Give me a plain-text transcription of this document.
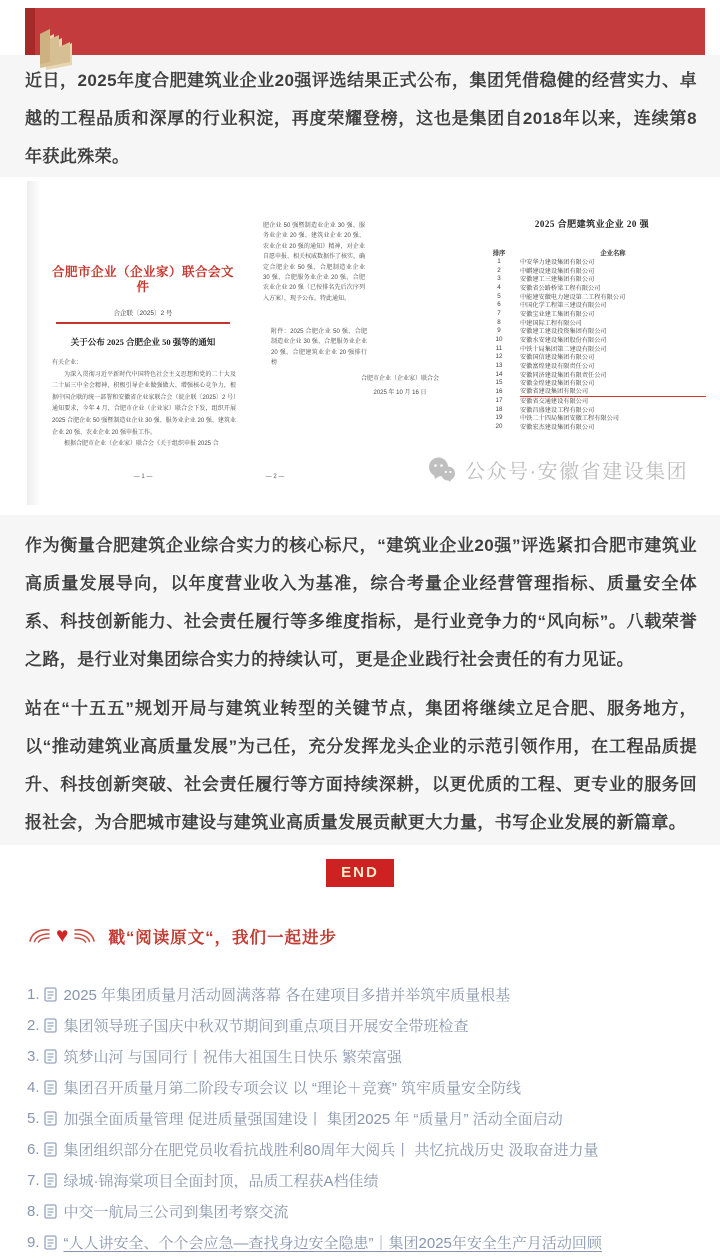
近日，2025年度合肥建筑业企业20强评选结果正式公布，集团凭借稳健的经营实力、卓越的工程品质和深厚的行业积淀，再度荣耀登榜，这也是集团自2018年以来，连续第8年获此殊荣。

合肥市企业（企业家）联合会文件
合企联〔2025〕2 号
关于公布 2025 合肥企业 50 强等的通知
有关企业：
为深入贯彻习近平新时代中国特色社会主义思想和党的二十大及二十届三中全会精神，积极引导企业做强做大、增强核心竞争力，根据中国企联的统一部署和安徽省企业家联合会（皖企联〔2025〕2 号）通知要求，今年 4 月，合肥市企业（企业家）联合会下发，组织开展 2025 合肥企业 50 强暨制造业企业 30 强、服务业企业 20 强、建筑业企业 20 强、农业企业 20 强申报工作。
根据合肥市企业（企业家）联合会《关于组织申报 2025 合
— 1 —
肥企业 50 强暨制造业企业 30 强、服务业企业 20 强、建筑业企业 20 强、农业企业 20 强的通知》精神，对企业自愿申报、相关权威数据作了核实，确定合肥企业 50 强、合肥制造业企业 30 强、合肥服务业企业 20 强、合肥农业企业 20 强（已按排名先后次序列入方案），现予公布。特此通知。
附件：2025 合肥企业 50 强、合肥制造业企业 30 强、合肥服务业企业 20 强、合肥建筑业企业 20 强排行榜
合肥市企业（企业家）联合会
2025 年 10 月 16 日
— 2 —
2025 合肥建筑业企业 20 强
排序	企业名称
1	中安华力建设集团有限公司
2	中麒建设建设集团有限公司
3	安徽建工三建集团有限公司
4	安徽省公路桥梁工程有限公司
5	中能建安徽电力建设第二工程有限公司
6	中国化学工程第三建设有限公司
7	安徽宝业建工集团有限公司
8	中建国际工程有限公司
9	安徽建工建设投资集团有限公司
10	安徽水安建设集团股份有限公司
11	中铁十局集团第二建设有限公司
12	安徽国信建设集团有限公司
13	安徽富煌建设有限责任公司
14	安徽同济建设集团有限责任公司
15	安徽金煌建设集团有限公司
16	安徽省建设集团有限公司
17	安徽省交通建设有限公司
18	安徽昌盛建设工程有限公司
19	中铁二十四局集团安徽工程有限公司
20	安徽宏杰建设集团有限公司
公众号·安徽省建设集团

作为衡量合肥建筑企业综合实力的核心标尺，“建筑业企业20强”评选紧扣合肥市建筑业高质量发展导向，以年度营业收入为基准，综合考量企业经营管理指标、质量安全体系、科技创新能力、社会责任履行等多维度指标，是行业竞争力的“风向标”。八载荣誉之路，是行业对集团综合实力的持续认可，更是企业践行社会责任的有力见证。

站在“十五五”规划开局与建筑业转型的关键节点，集团将继续立足合肥、服务地方，以“推动建筑业高质量发展”为己任，充分发挥龙头企业的示范引领作用，在工程品质提升、科技创新突破、社会责任履行等方面持续深耕，以更优质的工程、更专业的服务回报社会，为合肥城市建设与建筑业高质量发展贡献更大力量，书写企业发展的新篇章。

END
♥ 戳“阅读原文“，我们一起进步
1. 2025 年集团质量月活动圆满落幕 各在建项目多措并举筑牢质量根基
2. 集团领导班子国庆中秋双节期间到重点项目开展安全带班检查
3. 筑梦山河 与国同行丨祝伟大祖国生日快乐 繁荣富强
4. 集团召开质量月第二阶段专项会议 以 “理论＋竞赛” 筑牢质量安全防线
5. 加强全面质量管理 促进质量强国建设丨 集团2025 年 “质量月” 活动全面启动
6. 集团组织部分在肥党员收看抗战胜利80周年大阅兵丨 共忆抗战历史 汲取奋进力量
7. 绿城·锦海棠项目全面封顶，品质工程获A档佳绩
8. 中交一航局三公司到集团考察交流
9. “人人讲安全、个个会应急—查找身边安全隐患”｜集团2025年安全生产月活动回顾
